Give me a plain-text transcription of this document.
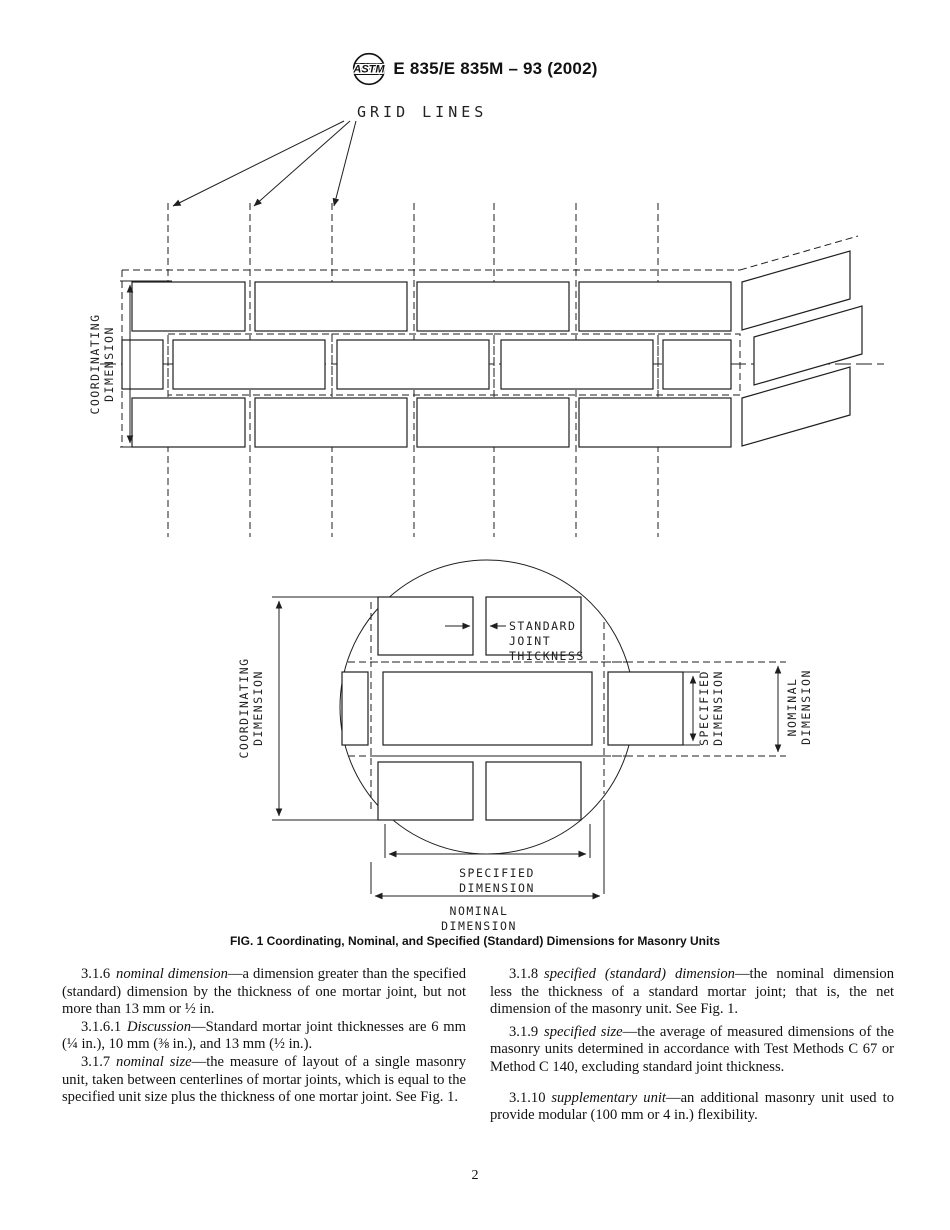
ASTM E 835/E 835M – 93 (2002)
GRID LINES
COORDINATING DIMENSION
STANDARD
JOINT
THICKNESS
COORDINATING DIMENSION	SPECIFIED DIMENSION	NOMINAL DIMENSION
SPECIFIED
DIMENSION
NOMINAL
DIMENSION
FIG. 1 Coordinating, Nominal, and Specified (Standard) Dimensions for Masonry Units

3.1.6 nominal dimension—a dimension greater than the specified (standard) dimension by the thickness of one mortar joint, but not more than 13 mm or ½ in.

3.1.6.1 Discussion—Standard mortar joint thicknesses are 6 mm (¼ in.), 10 mm (⅜ in.), and 13 mm (½ in.).

3.1.7 nominal size—the measure of layout of a single masonry unit, taken between centerlines of mortar joints, which is equal to the specified unit size plus the thickness of one mortar joint. See Fig. 1.

3.1.8 specified (standard) dimension—the nominal dimension less the thickness of a standard mortar joint; that is, the net dimension of the masonry unit. See Fig. 1.

3.1.9 specified size—the average of measured dimensions of the masonry units determined in accordance with Test Methods C 67 or Method C 140, excluding standard joint thickness.

3.1.10 supplementary unit—an additional masonry unit used to provide modular (100 mm or 4 in.) flexibility.

2
